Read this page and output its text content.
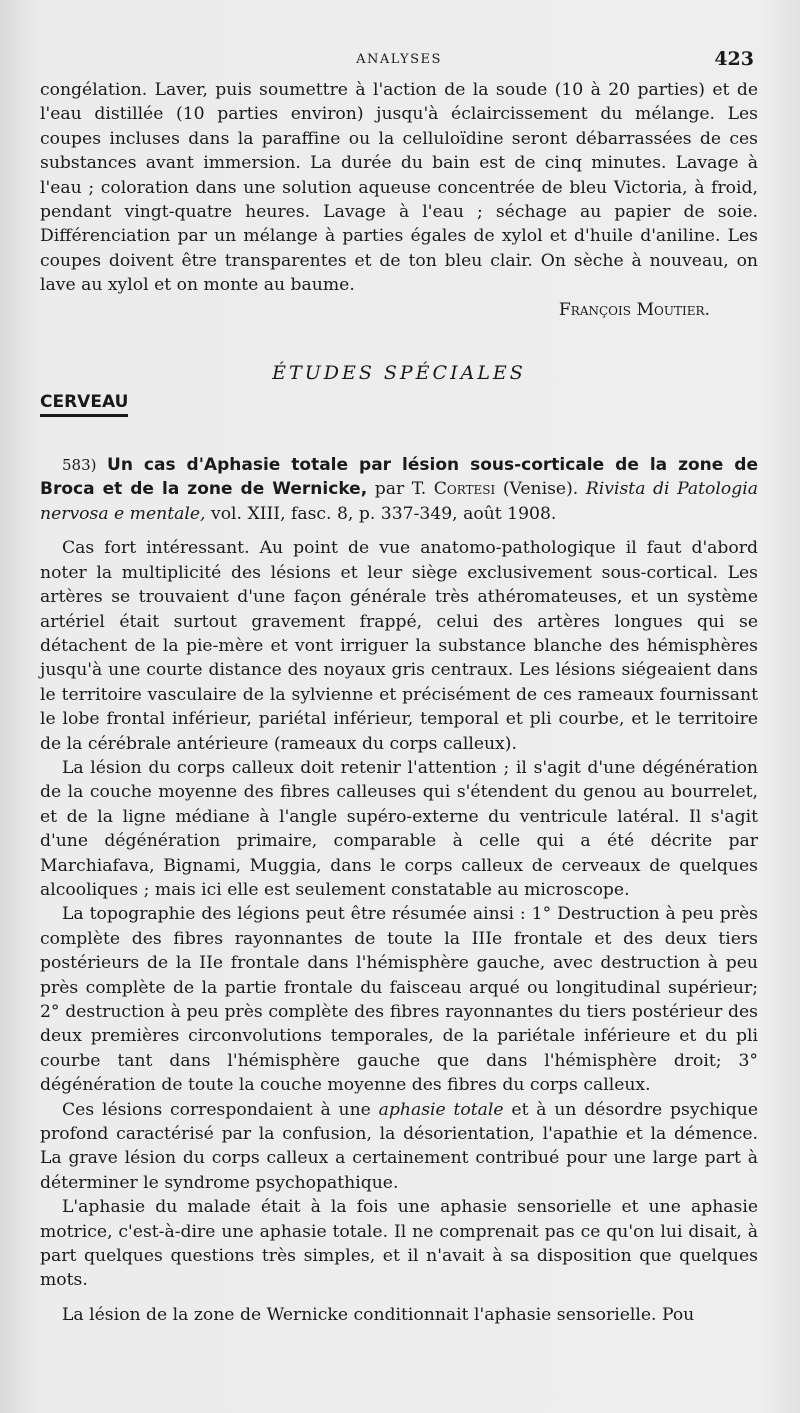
ANALYSES	423

congélation. Laver, puis soumettre à l'action de la soude (10 à 20 parties) et de l'eau distillée (10 parties environ) jusqu'à éclaircissement du mélange. Les coupes incluses dans la paraffine ou la celluloïdine seront débarrassées de ces substances avant immersion. La durée du bain est de cinq minutes. Lavage à l'eau ; coloration dans une solution aqueuse concentrée de bleu Victoria, à froid, pendant vingt-quatre heures. Lavage à l'eau ; séchage au papier de soie. Différenciation par un mélange à parties égales de xylol et d'huile d'aniline. Les coupes doivent être transparentes et de ton bleu clair. On sèche à nouveau, on lave au xylol et on monte au baume.

François Moutier.

ÉTUDES SPÉCIALES
CERVEAU

583) Un cas d'Aphasie totale par lésion sous-corticale de la zone de Broca et de la zone de Wernicke, par T. Cortesi (Venise). Rivista di Patologia nervosa e mentale, vol. XIII, fasc. 8, p. 337-349, août 1908.

Cas fort intéressant. Au point de vue anatomo-pathologique il faut d'abord noter la multiplicité des lésions et leur siège exclusivement sous-cortical. Les artères se trouvaient d'une façon générale très athéromateuses, et un système artériel était surtout gravement frappé, celui des artères longues qui se détachent de la pie-mère et vont irriguer la substance blanche des hémisphères jusqu'à une courte distance des noyaux gris centraux. Les lésions siégeaient dans le territoire vasculaire de la sylvienne et précisément de ces rameaux fournissant le lobe frontal inférieur, pariétal inférieur, temporal et pli courbe, et le territoire de la cérébrale antérieure (rameaux du corps calleux).

La lésion du corps calleux doit retenir l'attention ; il s'agit d'une dégénération de la couche moyenne des fibres calleuses qui s'étendent du genou au bourrelet, et de la ligne médiane à l'angle supéro-externe du ventricule latéral. Il s'agit d'une dégénération primaire, comparable à celle qui a été décrite par Marchiafava, Bignami, Muggia, dans le corps calleux de cerveaux de quelques alcooliques ; mais ici elle est seulement constatable au microscope.

La topographie des légions peut être résumée ainsi : 1° Destruction à peu près complète des fibres rayonnantes de toute la IIIe frontale et des deux tiers postérieurs de la IIe frontale dans l'hémisphère gauche, avec destruction à peu près complète de la partie frontale du faisceau arqué ou longitudinal supérieur; 2° destruction à peu près complète des fibres rayonnantes du tiers postérieur des deux premières circonvolutions temporales, de la pariétale inférieure et du pli courbe tant dans l'hémisphère gauche que dans l'hémisphère droit; 3° dégénération de toute la couche moyenne des fibres du corps calleux.

Ces lésions correspondaient à une aphasie totale et à un désordre psychique profond caractérisé par la confusion, la désorientation, l'apathie et la démence. La grave lésion du corps calleux a certainement contribué pour une large part à déterminer le syndrome psychopathique.

L'aphasie du malade était à la fois une aphasie sensorielle et une aphasie motrice, c'est-à-dire une aphasie totale. Il ne comprenait pas ce qu'on lui disait, à part quelques questions très simples, et il n'avait à sa disposition que quelques mots.

La lésion de la zone de Wernicke conditionnait l'aphasie sensorielle. Pou
